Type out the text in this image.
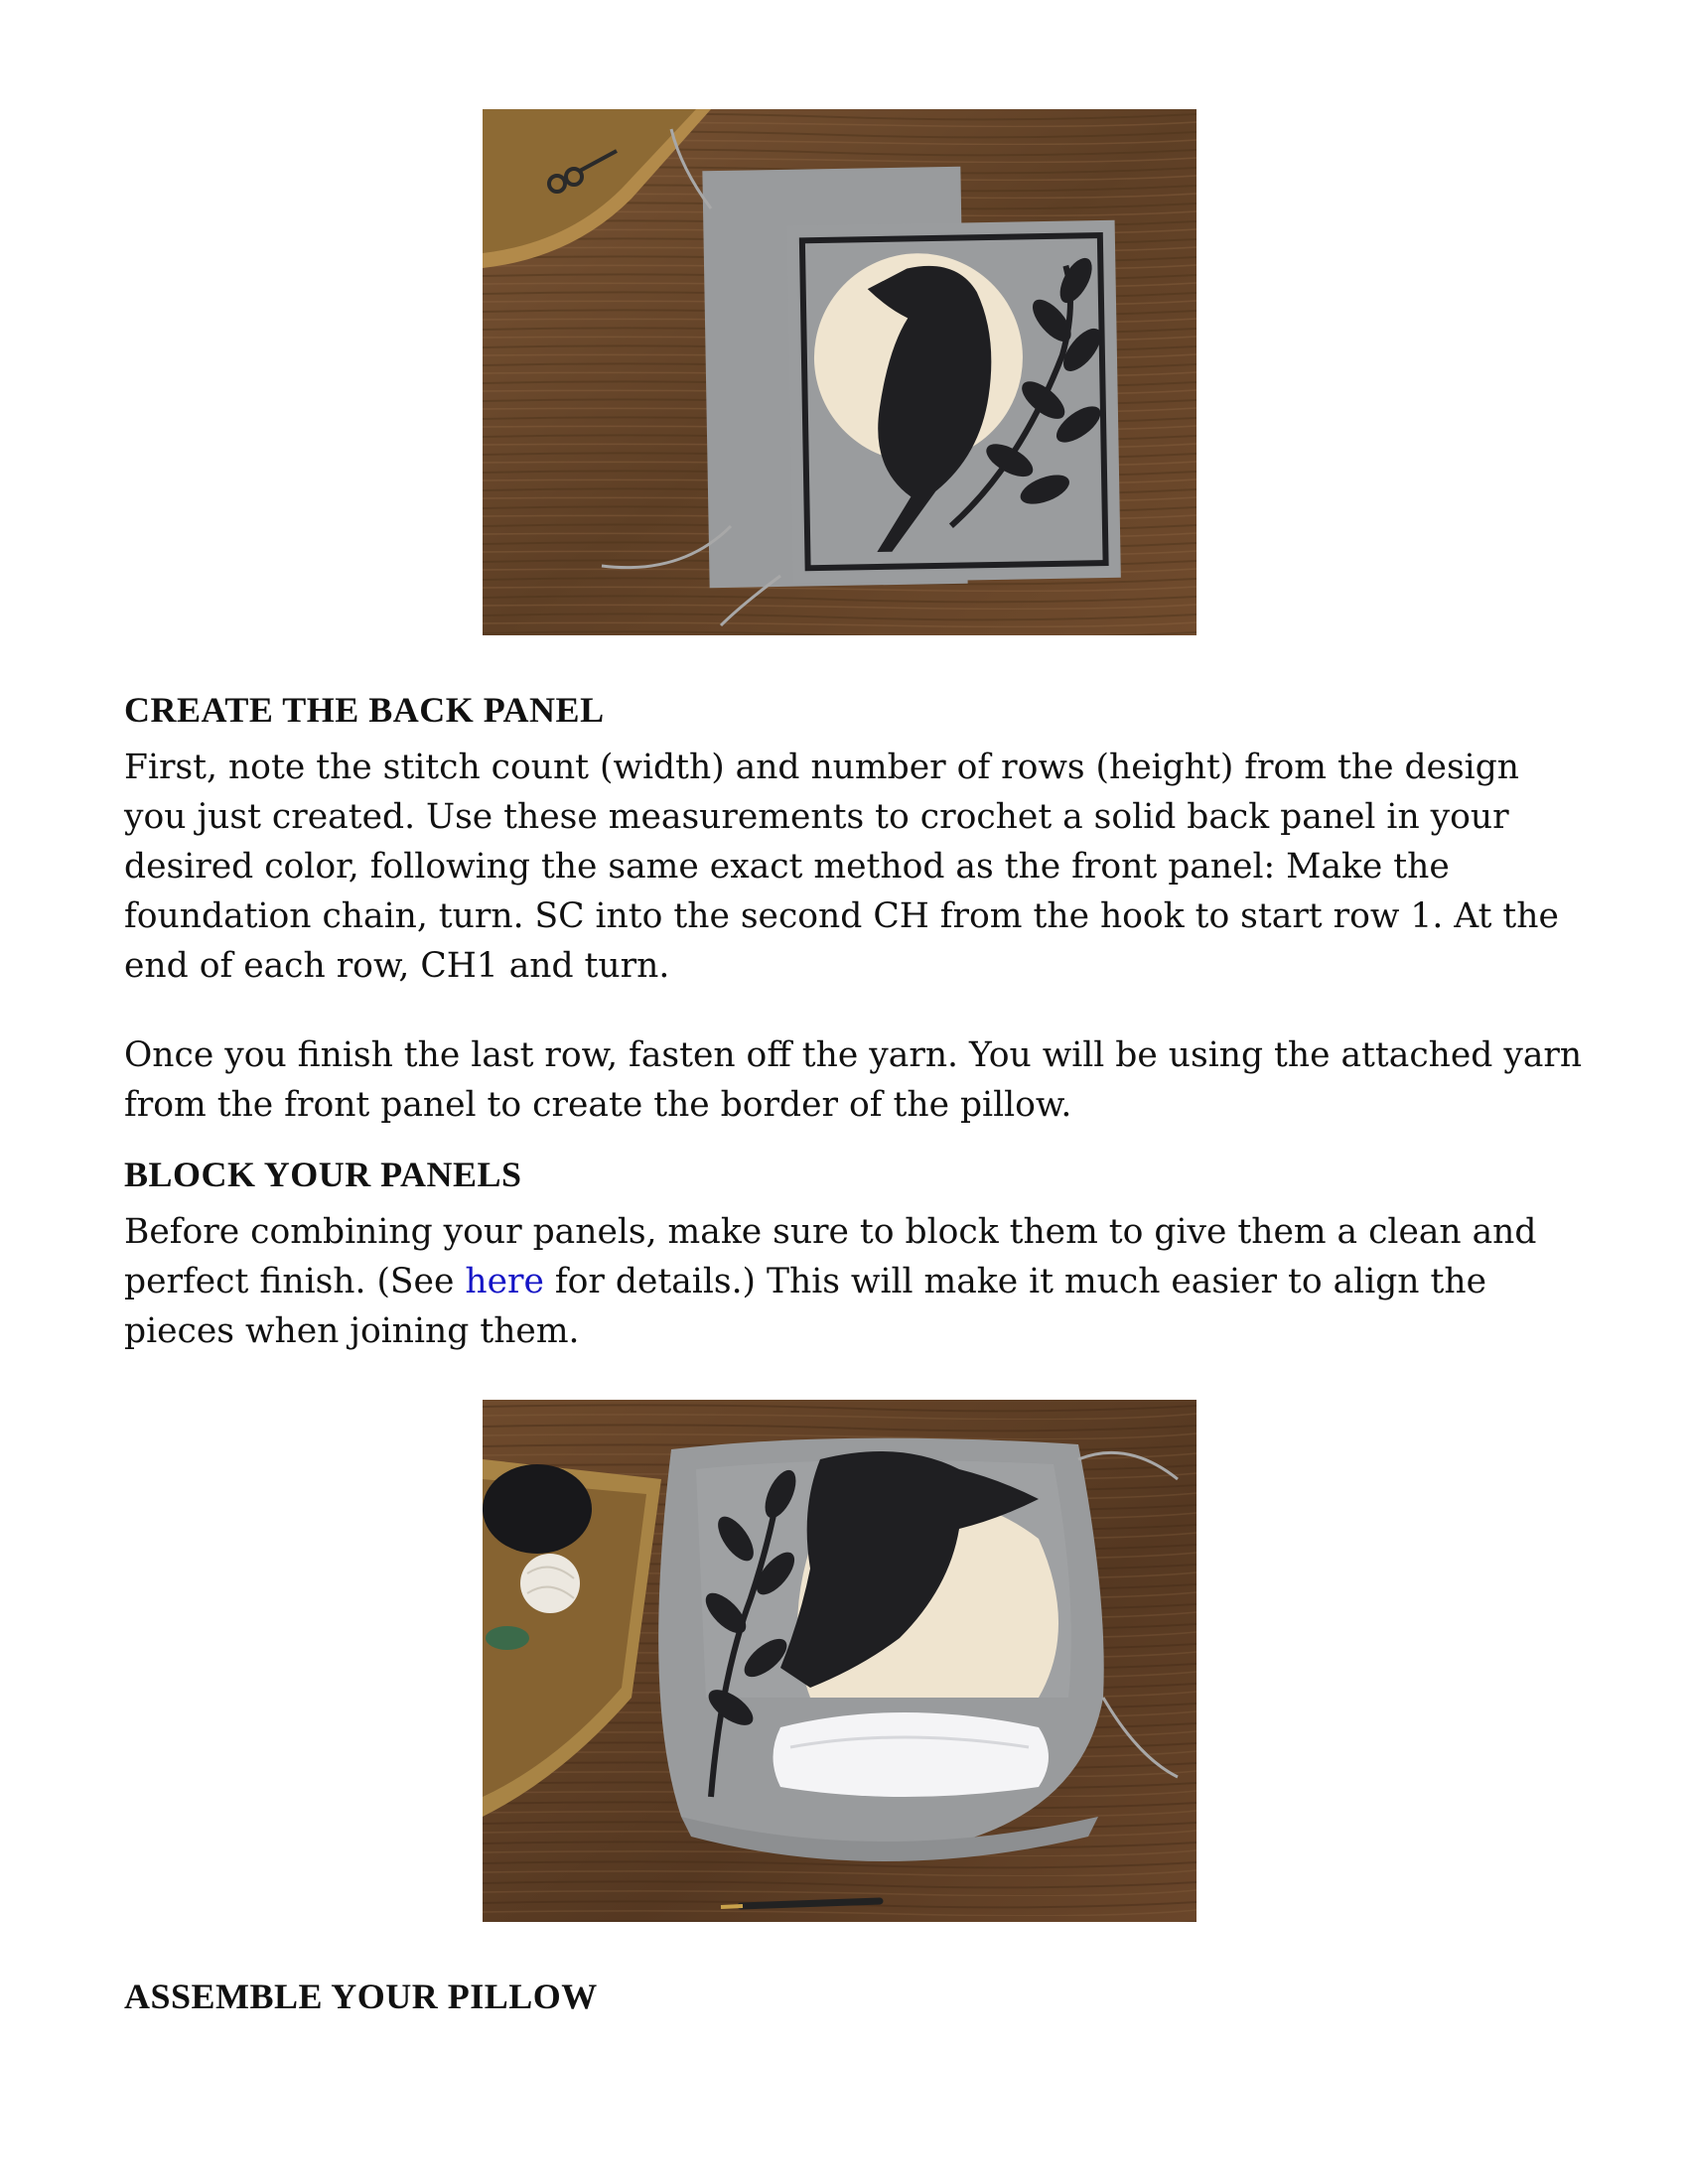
CREATE THE BACK PANEL

First, note the stitch count (width) and number of rows (height) from the design you just created. Use these measurements to crochet a solid back panel in your desired color, following the same exact method as the front panel: Make the foundation chain, turn. SC into the second CH from the hook to start row 1. At the end of each row, CH1 and turn.

Once you finish the last row, fasten off the yarn. You will be using the attached yarn from the front panel to create the border of the pillow.

BLOCK YOUR PANELS

Before combining your panels, make sure to block them to give them a clean and perfect finish. (See here for details.) This will make it much easier to align the pieces when joining them.

ASSEMBLE YOUR PILLOW
